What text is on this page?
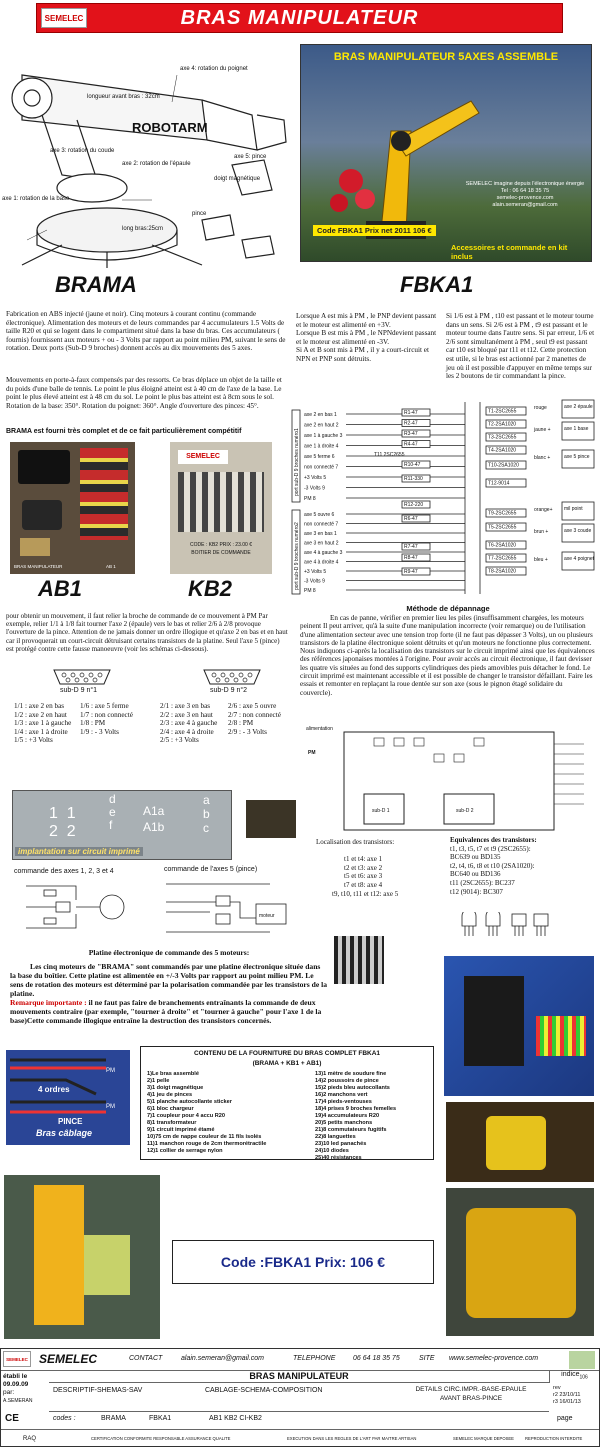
SEMELEC	BRAS MANIPULATEUR
longueur avant bras : 32cm
ROBOTARM
axe 4: rotation du poignet
axe 3: rotation du coude
axe 2: rotation de l'épaule
axe 5: pince
doigt magnétique
pince
axe 1: rotation de la base
long bras:25cm
BRAS MANIPULATEUR 5AXES ASSEMBLE
SEMELEC imagine depuis l'électronique énergie
Tel : 06 64 18 35 75
semelec-provence.com
alain.semeran@gmail.com
Code FBKA1 Prix net 2011 106 €
Accessoires et commande en kit inclus
BRAMA	FBKA1
Fabrication en ABS injecté (jaune et noir). Cinq moteurs à courant continu (commande électronique). Alimentation des moteurs et de leurs commandes par 4 accumulateurs 1.5 Volts de taille R20 et qui se logent dans le compartiment situé dans la base du bras. Ces accumulateurs ( fournis) fournissent aux moteurs + ou - 3 Volts par rapport au point milieu PM, suivant le sens de rotation. Deux ports (Sub-D 9 broches) donnent accès au dix mouvements des 5 axes.
Mouvements en porte-à-faux compensés par des ressorts. Ce bras déplace un objet de la taille et du poids d'une balle de tennis. Le point le plus éloigné atteint est à 40 cm de l'axe de la base. Le point le plus élevé atteint est à 48 cm du sol. Le point le plus bas atteint est à 8cm sous le sol. Rotation de la base: 350°. Rotation du poignet: 360°. Angle d'ouverture des pinces: 45°.
BRAMA est fourni très complet et de ce fait particulièrement compétitif
BRAS MANIPULATEUR	AB 1
SEMELEC
CODE : KB2 PRIX : 23.00 €
BOITIER DE COMMANDE
AB1	KB2
Lorsque A est mis à PM , le PNP devient passant et le moteur est alimenté en +3V.
Lorsque B est mis à PM , le NPNdevient passant et le moteur est alimenté en -3V.
Si A et B sont mis à PM , il y a court-circuit et NPN et PNP sont détruits.
Si 1/6 est à PM , t10 est passant et le moteur tourne dans un sens. Si 2/6 est à PM , t9 est passant et le moteur tourne dans l'autre sens. Si par erreur, 1/6 et 2/6 sont simultanément à PM , seul t9 est passant car t10 est bloqué par t11 et t12. Cette protection est utile, si le bras est actionné par 2 manettes de jeu où il est possible d'appuyer en même temps sur les 2 boutons de tir commandant la pince.
port sub-D 9 broches numéro1
port sub-D 9 broches numéro2
axe 2 en bas 1
axe 2 en haut 2
axe 1 à gauche 3
axe 1 à droite 4
axe 5 ferme 6
non connecté 7
+3 Volts 5
-3 Volts 9
PM 8
axe 5 ouvre 6
non connecté 7
axe 3 en bas 1
axe 3 en haut 2
axe 4 à gauche 3
axe 4 à droite 4
+3 Volts 5
-3 Volts 9
PM 8
R1-47
R2-47
R3-47
R4-47
R10-47
R11-330
R12-220
R6-47
R7-47
R8-47
R9-47
T1-2SC2655
T2-2SA1020
T3-2SC2655
T4-2SA1020
T10-2SA1020
T12-9014
T9-2SC2655
T5-2SC2655
T6-2SA1020
T7-2SC2655
T8-2SA1020
rouge	axe 2 épaule
jaune +	axe 1 base
blanc +	axe 5 pince
orange+ mil point
brun +	axe 3 coude
bleu +	axe 4 poignet
T11 2SC2655
pour obtenir un mouvement, il faut relier la broche de commande de ce mouvement à PM Par exemple, relier 1/1 à 1/8 fait tourner l'axe 2 (épaule) vers le bas et relier 2/6 à 2/8 provoque l'ouverture de la pince. Attention de ne jamais donner un ordre illogique et qu'axe 2 en bas et en haut car il provoquerait un court-circuit détruisant certains transistors de la platine. Seul l'axe 5 (pince) est protégé contre cette fausse manoeuvre (voir les schémas ci-dessous).
sub-D 9 n°1	sub-D 9 n°2
1/1 : axe 2 en bas
1/2 : axe 2 en haut
1/3 : axe 1 à gauche
1/4 : axe 1 à droite
1/5 : +3 Volts
1/6 : axe 5 ferme
1/7 : non connecté
1/8 : PM
1/9 : - 3 Volts
2/1 : axe 3 en bas
2/2 : axe 3 en haut
2/3 : axe 4 à gauche
2/4 : axe 4 à droite
2/5 : +3 Volts
2/6 : axe 5 ouvre
2/7 : non connecté
2/8 : PM
2/9 : - 3 Volts
Méthode de dépannage
En cas de panne, vérifier en premier lieu les piles (insuffisamment chargées, les moteurs peinent Il peut arriver, qu'à la suite d'une manipulation incorrecte (voir remarque) ou de l'utilisation d'une alimentation secteur avec une tension trop forte (il ne faut pas dépasser 3 Volts), un ou plusieurs transistors de la platine électronique soient détruits et qu'un moteurs ne fonctionne plus correctement. Nous indiquons ci-après la localisation des transistors sur le circuit imprimé ainsi que les équivalences des références japonaises montées à l'origine. Pour avoir accès au circuit électronique, il faut devisser les quatre vis situées au fond des supports cylindriques des pieds amovibles puis détacher le fond. Le circuit imprimé est maintenant accessible et il est possible de changer le transistor défaillant. Faire les essais et remonter en replaçant la roue dentée sur son axe (sous le pignon étagé solidaire du couvercle).
alimentation
PM
sub-D 1	sub-D 2
1 1
2 2
d
e
f
A1a
A1b
a
b
c
implantation sur circuit imprimé
Localisation des transistors:

t1 et t4: axe 1
t2 et t3: axe 2
t5 et t6: axe 3
t7 et t8: axe 4
t9, t10, t11 et t12: axe 5
Equivalences des transistors:
t1, t3, t5, t7 et t9 (2SC2655):
BC639 ou BD135
t2, t4, t6, t8 et t10 (2SA1020):
BC640 ou BD136
t11 (2SC2655): BC237
t12 (9014): BC307
commande des axes 1, 2, 3 et 4	commande de l'axes 5 (pince)
moteur
Platine électronique de commande des 5 moteurs:
Les cinq moteurs de "BRAMA" sont commandés par une platine électronique située dans la base du boîtier. Cette platine est alimentée en +/-3 Volts par rapport au point milieu PM. Le sens de rotation des moteurs est déterminé par la polarisation commandée par les transistors de la platine.
Remarque importante : il ne faut pas faire de branchements entraînants la commande de deux mouvements contraire (par exemple, "tourner à droite" et "tourner à gauche" pour l'axe 1 de la base)Cette commande illogique entraîne la destruction des transistors concernés.
4 ordres
PINCE
PM
PM
Bras câblage
CONTENU DE LA FOURNITURE DU BRAS COMPLET FBKA1
(BRAMA + KB1 + AB1)
1)Le bras assemblé
2)1 pelle
3)1 doigt magnétique
4)1 jeu de pinces
5)1 planche autocollante sticker
6)1 bloc chargeur
7)1 coupleur pour 4 accu R20
8)1 transformateur
9)1 circuit imprimé étamé
10)75 cm de nappe couleur de 11 fils isolés
11)1 manchon rouge de 2cm thermorétractile
12)1 collier de serrage nylon
13)1 mètre de soudure fine
14)2 poussoirs de pince
15)2 pieds bleu autocollants
16)2 manchons vert
17)4 pieds-ventouses
18)4 prises 9 broches femelles
19)4 accumulateurs R20
20)5 petits manchons
21)8 commutateurs fugitifs
22)8 languettes
23)10 led panachés
24)10 diodes
25)40 résistances
Code :FBKA1 Prix: 106 €
SEMELEC SEMELEC	CONTACT	alain.semeran@gmail.com	TELEPHONE	06 64 18 35 75	SITE www.semelec-provence.com
établi le
09.09.09
par:
A.SEMERAN
BRAS MANIPULATEUR	indice$_{106}$
DESCRIPTIF-SHEMAS-SAV	CABLAGE-SCHEMA-COMPOSITION	DETAILS CIRC.IMPR.-BASE-EPAULE
AVANT BRAS-PINCE
rev
r2 23/10/11
r3 16/01/13
codes :	BRAMA	FBKA1	AB1 KB2 CI-KB2	page
CE
RAQ	CERTIFICATION CONFORMITE RESPONSABLE ASSURANCE QUALITE	EXECUTION DANS LES REGLES DE L'ART PAR MAITRE ARTISAN	SEMELEC MARQUE DEPOSEE	REPRODUCTION INTERDITE
